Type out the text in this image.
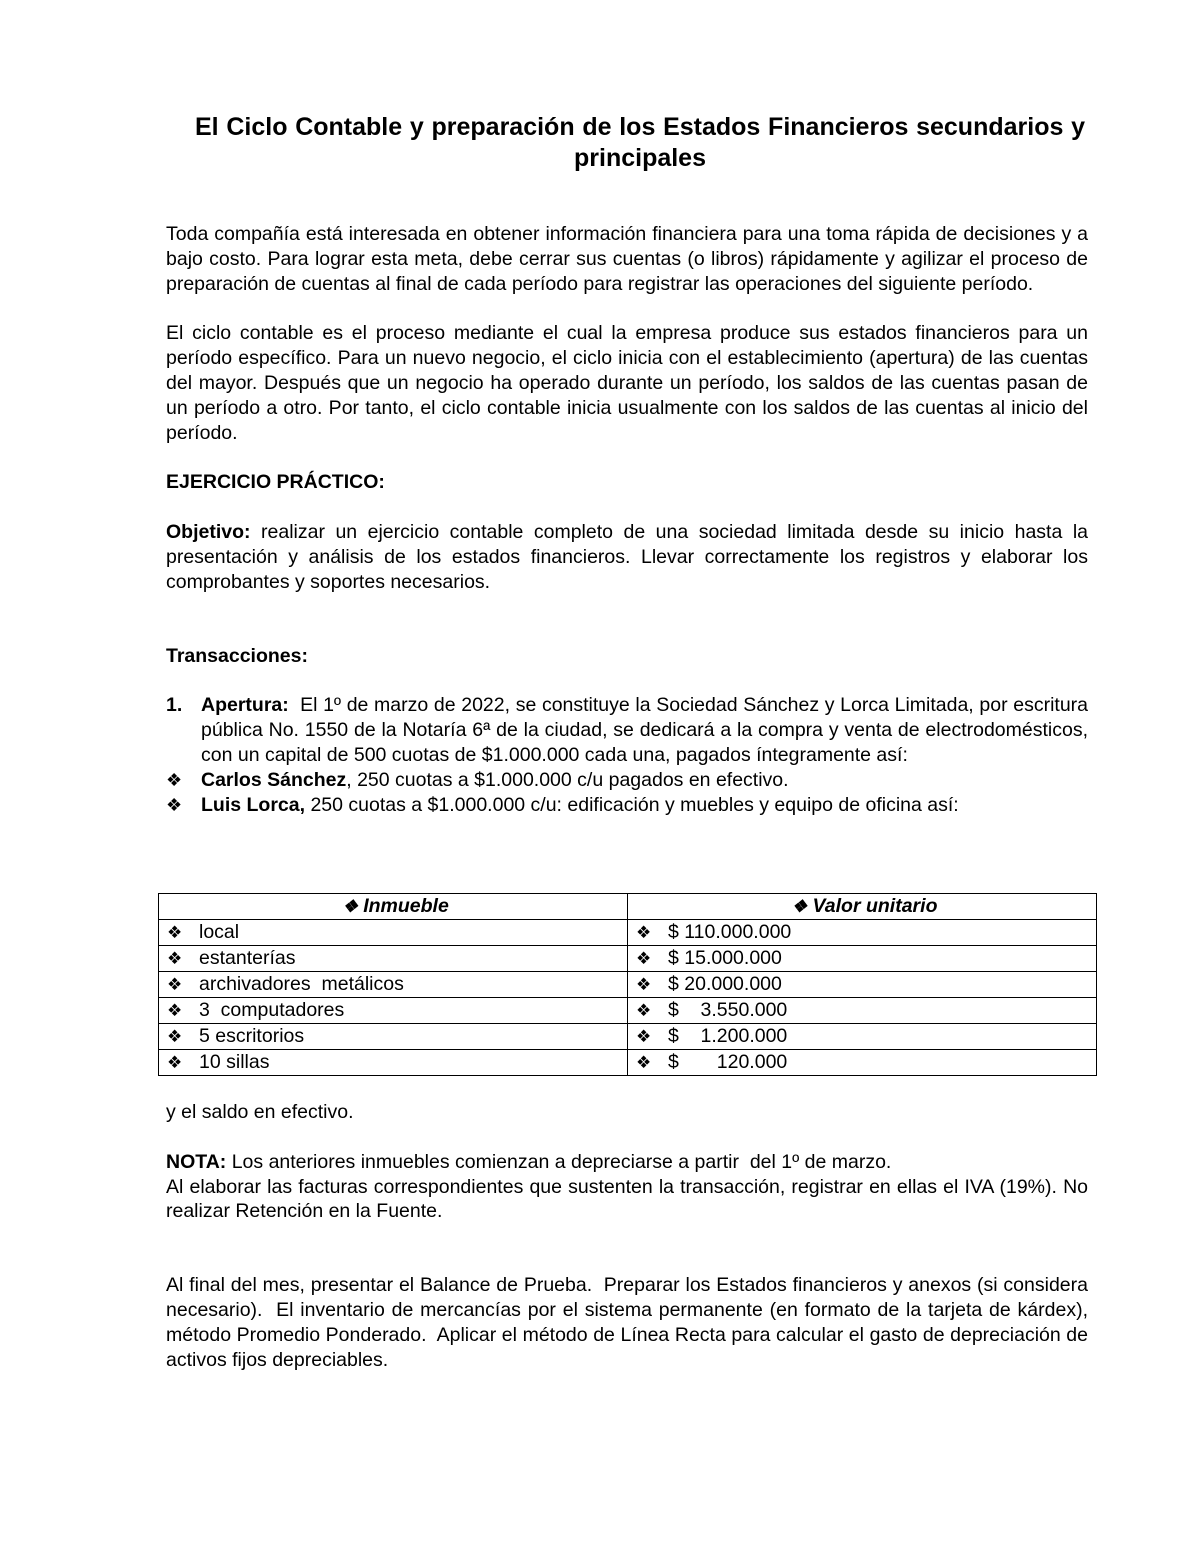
El Ciclo Contable y preparación de los Estados Financieros secundarios y principales

Toda compañía está interesada en obtener información financiera para una toma rápida de decisiones y a bajo costo. Para lograr esta meta, debe cerrar sus cuentas (o libros) rápidamente y agilizar el proceso de preparación de cuentas al final de cada período para registrar las operaciones del siguiente período.

El ciclo contable es el proceso mediante el cual la empresa produce sus estados financieros para un período específico. Para un nuevo negocio, el ciclo inicia con el establecimiento (apertura) de las cuentas del mayor. Después que un negocio ha operado durante un período, los saldos de las cuentas pasan de un período a otro. Por tanto, el ciclo contable inicia usualmente con los saldos de las cuentas al inicio del período.

EJERCICIO PRÁCTICO:

Objetivo: realizar un ejercicio contable completo de una sociedad limitada desde su inicio hasta la presentación y análisis de los estados financieros. Llevar correctamente los registros y elaborar los comprobantes y soportes necesarios.

Transacciones:

1. Apertura:  El 1º de marzo de 2022, se constituye la Sociedad Sánchez y Lorca Limitada, por escritura pública No. 1550 de la Notaría 6ª de la ciudad, se dedicará a la compra y venta de electrodomésticos, con un capital de 500 cuotas de $1.000.000 cada una, pagados íntegramente así:
❖ Carlos Sánchez, 250 cuotas a $1.000.000 c/u pagados en efectivo.
❖ Luis Lorca, 250 cuotas a $1.000.000 c/u: edificación y muebles y equipo de oficina así:
❖ Inmueble	❖ Valor unitario
❖ local	❖ $ 110.000.000
❖ estanterías	❖ $ 15.000.000
❖ archivadores  metálicos	❖ $ 20.000.000
❖ 3  computadores	❖ $    3.550.000
❖ 5 escritorios	❖ $    1.200.000
❖ 10 sillas	❖ $       120.000

y el saldo en efectivo.

NOTA: Los anteriores inmuebles comienzan a depreciarse a partir  del 1º de marzo.

Al elaborar las facturas correspondientes que sustenten la transacción, registrar en ellas el IVA (19%). No realizar Retención en la Fuente.

Al final del mes, presentar el Balance de Prueba.  Preparar los Estados financieros y anexos (si considera necesario).  El inventario de mercancías por el sistema permanente (en formato de la tarjeta de kárdex), método Promedio Ponderado.  Aplicar el método de Línea Recta para calcular el gasto de depreciación de activos fijos depreciables.
